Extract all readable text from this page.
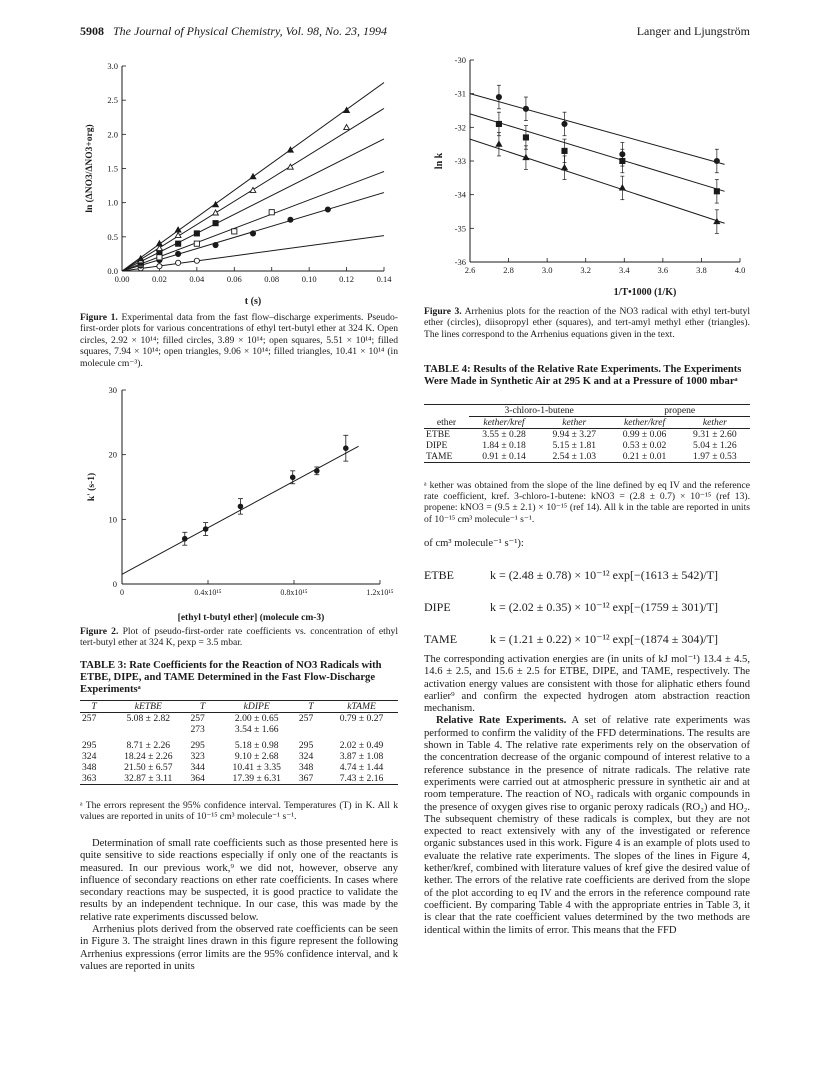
5908 The Journal of Physical Chemistry, Vol. 98, No. 23, 1994	Langer and Ljungström
0.00	0.02	0.04	0.06	0.08	0.10	0.12	0.14
0.0
0.5
1.0
1.5
2.0
2.5
3.0
t (s)
ln (ΔNO3/ΔNO3+org)
Figure 1. Experimental data from the fast flow–discharge experiments. Pseudo-first-order plots for various concentrations of ethyl tert-butyl ether at 324 K. Open circles, 2.92 × 10¹⁴; filled circles, 3.89 × 10¹⁴; open squares, 5.51 × 10¹⁴; filled squares, 7.94 × 10¹⁴; open triangles, 9.06 × 10¹⁴; filled triangles, 10.41 × 10¹⁴ (in molecule cm⁻³).
0	0.4x10¹⁵	0.8x10¹⁵	1.2x10¹⁵
0
10
20
30
[ethyl t-butyl ether] (molecule cm-3)
k' (s-1)
Figure 2. Plot of pseudo-first-order rate coefficients vs. concentration of ethyl tert-butyl ether at 324 K, pexp = 3.5 mbar.
TABLE 3: Rate Coefficients for the Reaction of NO3 Radicals with ETBE, DIPE, and TAME Determined in the Fast Flow-Discharge Experimentsᵃ
T	kETBE	T	kDIPE	T	kTAME
257	5.08 ± 2.82	257	2.00 ± 0.65	257	0.79 ± 0.27
		273	3.54 ± 1.66		
295	8.71 ± 2.26	295	5.18 ± 0.98	295	2.02 ± 0.49
324	18.24 ± 2.26	323	9.10 ± 2.68	324	3.87 ± 1.08
348	21.50 ± 6.57	344	10.41 ± 3.35	348	4.74 ± 1.44
363	32.87 ± 3.11	364	17.39 ± 6.31	367	7.43 ± 2.16
ᵃ The errors represent the 95% confidence interval. Temperatures (T) in K. All k values are reported in units of 10⁻¹⁵ cm³ molecule⁻¹ s⁻¹.

Determination of small rate coefficients such as those presented here is quite sensitive to side reactions especially if only one of the reactants is measured. In our previous work,⁹ we did not, however, observe any influence of secondary reactions on ether rate coefficients. In cases where secondary reactions may be suspected, it is good practice to validate the results by an independent technique. In our case, this was made by the relative rate experiments discussed below.

Arrhenius plots derived from the observed rate coefficients can be seen in Figure 3. The straight lines drawn in this figure represent the following Arrhenius expressions (error limits are the 95% confidence interval, and k values are reported in units

2.6	2.8	3.0	3.2	3.4	3.6	3.8	4.0
-30
-31
-32
-33
-34
-35
-36
1/T•1000 (1/K)
ln k
Figure 3. Arrhenius plots for the reaction of the NO3 radical with ethyl tert-butyl ether (circles), diisopropyl ether (squares), and tert-amyl methyl ether (triangles). The lines correspond to the Arrhenius equations given in the text.
TABLE 4: Results of the Relative Rate Experiments. The Experiments Were Made in Synthetic Air at 295 K and at a Pressure of 1000 mbarᵃ
	3-chloro-1-butene		propene	
ether	kether/kref	kether	kether/kref	kether
ETBE	3.55 ± 0.28	9.94 ± 3.27	0.99 ± 0.06	9.31 ± 2.60
DIPE	1.84 ± 0.18	5.15 ± 1.81	0.53 ± 0.02	5.04 ± 1.26
TAME	0.91 ± 0.14	2.54 ± 1.03	0.21 ± 0.01	1.97 ± 0.53
ᵃ kether was obtained from the slope of the line defined by eq IV and the reference rate coefficient, kref. 3-chloro-1-butene: kNO3 = (2.8 ± 0.7) × 10⁻¹⁵ (ref 13). propene: kNO3 = (9.5 ± 2.1) × 10⁻¹⁵ (ref 14). All k in the table are reported in units of 10⁻¹⁵ cm³ molecule⁻¹ s⁻¹.
of cm³ molecule⁻¹ s⁻¹):
ETBE	k = (2.48 ± 0.78) × 10⁻¹² exp[−(1613 ± 542)/T]
DIPE	k = (2.02 ± 0.35) × 10⁻¹² exp[−(1759 ± 301)/T]
TAME	k = (1.21 ± 0.22) × 10⁻¹² exp[−(1874 ± 304)/T]

The corresponding activation energies are (in units of kJ mol⁻¹) 13.4 ± 4.5, 14.6 ± 2.5, and 15.6 ± 2.5 for ETBE, DIPE, and TAME, respectively. The activation energy values are consistent with those for aliphatic ethers found earlier⁹ and confirm the expected hydrogen atom abstraction reaction mechanism.

Relative Rate Experiments. A set of relative rate experiments was performed to confirm the validity of the FFD determinations. The results are shown in Table 4. The relative rate experiments rely on the observation of the concentration decrease of the organic compound of interest relative to a reference substance in the presence of nitrate radicals. The relative rate experiments were carried out at atmospheric pressure in synthetic air and at room temperature. The reaction of NO₃ radicals with organic compounds in the presence of oxygen gives rise to organic peroxy radicals (RO₂) and HO₂. The subsequent chemistry of these radicals is complex, but they are not expected to react extensively with any of the investigated or reference organic substances used in this work. Figure 4 is an example of plots used to evaluate the relative rate experiments. The slopes of the lines in Figure 4, kether/kref, combined with literature values of kref give the desired value of kether. The errors of the relative rate coefficients are derived from the slope of the plot according to eq IV and the errors in the reference compound rate coefficient. By comparing Table 4 with the appropriate entries in Table 3, it is clear that the rate coefficient values determined by the two methods are identical within the limits of error. This means that the FFD
